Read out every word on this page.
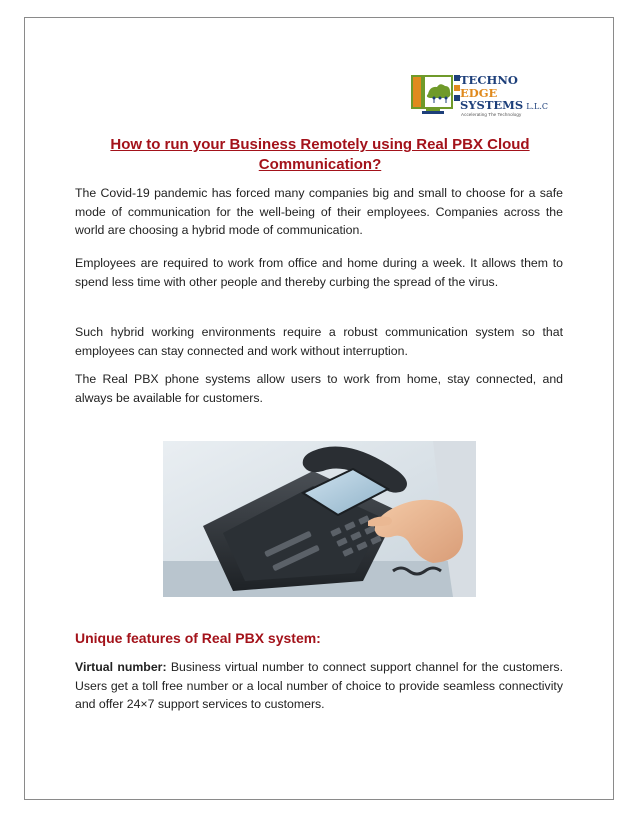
TECHNO
EDGE
SYSTEMS L.L.C
Accelerating The Technology
How to run your Business Remotely using Real PBX Cloud Communication?

The Covid-19 pandemic has forced many companies big and small to choose for a safe mode of communication for the well-being of their employees. Companies across the world are choosing a hybrid mode of communication.

Employees are required to work from office and home during a week. It allows them to spend less time with other people and thereby curbing the spread of the virus.

Such hybrid working environments require a robust communication system so that employees can stay connected and work without interruption.

The Real PBX phone systems allow users to work from home, stay connected, and always be available for customers.

Unique features of Real PBX system:

Virtual number: Business virtual number to connect support channel for the customers. Users get a toll free number or a local number of choice to provide seamless connectivity and offer 24×7 support services to customers.
